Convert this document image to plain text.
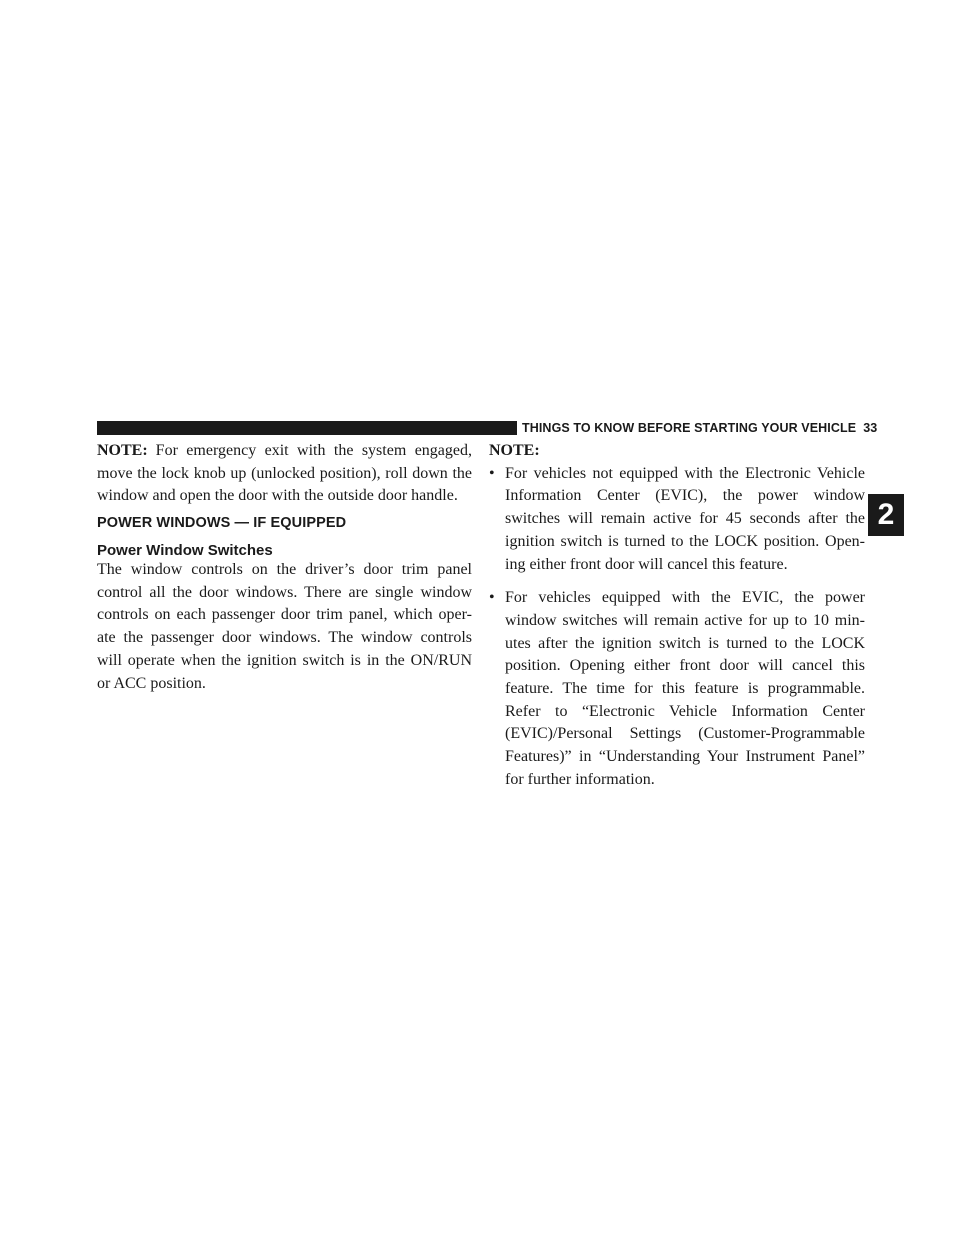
THINGS TO KNOW BEFORE STARTING YOUR VEHICLE 33
2

NOTE: For emergency exit with the system engaged, move the lock knob up (unlocked position), roll down the window and open the door with the outside door handle.

POWER WINDOWS — IF EQUIPPED
Power Window Switches

The window controls on the driver’s door trim panel control all the door windows. There are single window controls on each passenger door trim panel, which oper- ate the passenger door windows. The window controls will operate when the ignition switch is in the ON/RUN or ACC position.

NOTE:

• For vehicles not equipped with the Electronic Vehicle Information Center (EVIC), the power window switches will remain active for 45 seconds after the ignition switch is turned to the LOCK position. Open- ing either front door will cancel this feature.
• For vehicles equipped with the EVIC, the power window switches will remain active for up to 10 min- utes after the ignition switch is turned to the LOCK position. Opening either front door will cancel this feature. The time for this feature is programmable. Refer to “Electronic Vehicle Information Center (EVIC)/Personal Settings (Customer-Programmable Features)” in “Understanding Your Instrument Panel” for further information.
